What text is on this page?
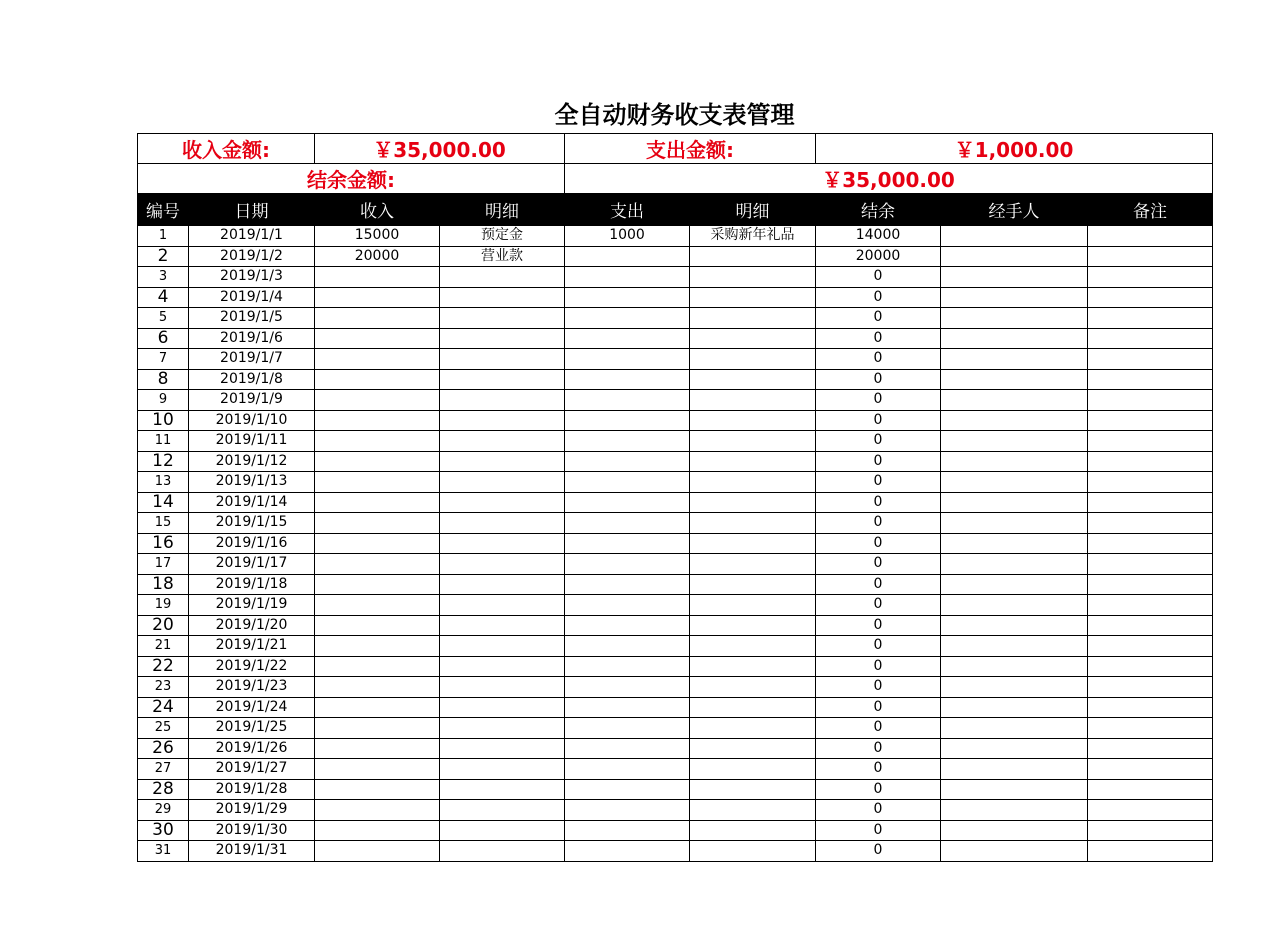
全自动财务收支表管理
收入金额:		￥35,000.00		支出金额:		￥1,000.00		
结余金额:				￥35,000.00				
编号	日期	收入	明细	支出	明细	结余	经手人	备注
1	2019/1/1	15000	预定金	1000	采购新年礼品	14000		
2	2019/1/2	20000	营业款			20000		
3	2019/1/3					0		
4	2019/1/4					0		
5	2019/1/5					0		
6	2019/1/6					0		
7	2019/1/7					0		
8	2019/1/8					0		
9	2019/1/9					0		
10	2019/1/10					0		
11	2019/1/11					0		
12	2019/1/12					0		
13	2019/1/13					0		
14	2019/1/14					0		
15	2019/1/15					0		
16	2019/1/16					0		
17	2019/1/17					0		
18	2019/1/18					0		
19	2019/1/19					0		
20	2019/1/20					0		
21	2019/1/21					0		
22	2019/1/22					0		
23	2019/1/23					0		
24	2019/1/24					0		
25	2019/1/25					0		
26	2019/1/26					0		
27	2019/1/27					0		
28	2019/1/28					0		
29	2019/1/29					0		
30	2019/1/30					0		
31	2019/1/31					0		
